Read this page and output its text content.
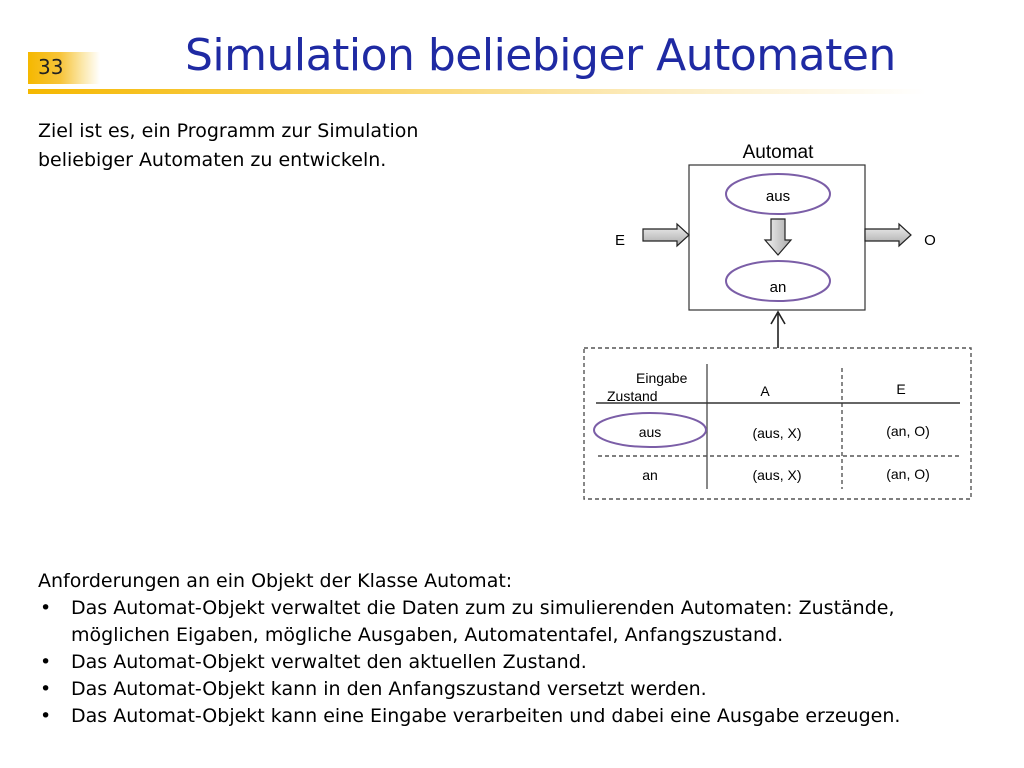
33	Simulation beliebiger Automaten

Ziel ist es, ein Programm zur Simulation beliebiger Automaten zu entwickeln.	Automat
aus
an
E	O
Eingabe
Zustand	A	E
aus	(aus, X)	(an, O)
an	(aus, X)	(an, O)

Anforderungen an ein Objekt der Klasse Automat:

• Das Automat-Objekt verwaltet die Daten zum zu simulierenden Automaten: Zustände, möglichen Eigaben, mögliche Ausgaben, Automatentafel, Anfangszustand.
• Das Automat-Objekt verwaltet den aktuellen Zustand.
• Das Automat-Objekt kann in den Anfangszustand versetzt werden.
• Das Automat-Objekt kann eine Eingabe verarbeiten und dabei eine Ausgabe erzeugen.
